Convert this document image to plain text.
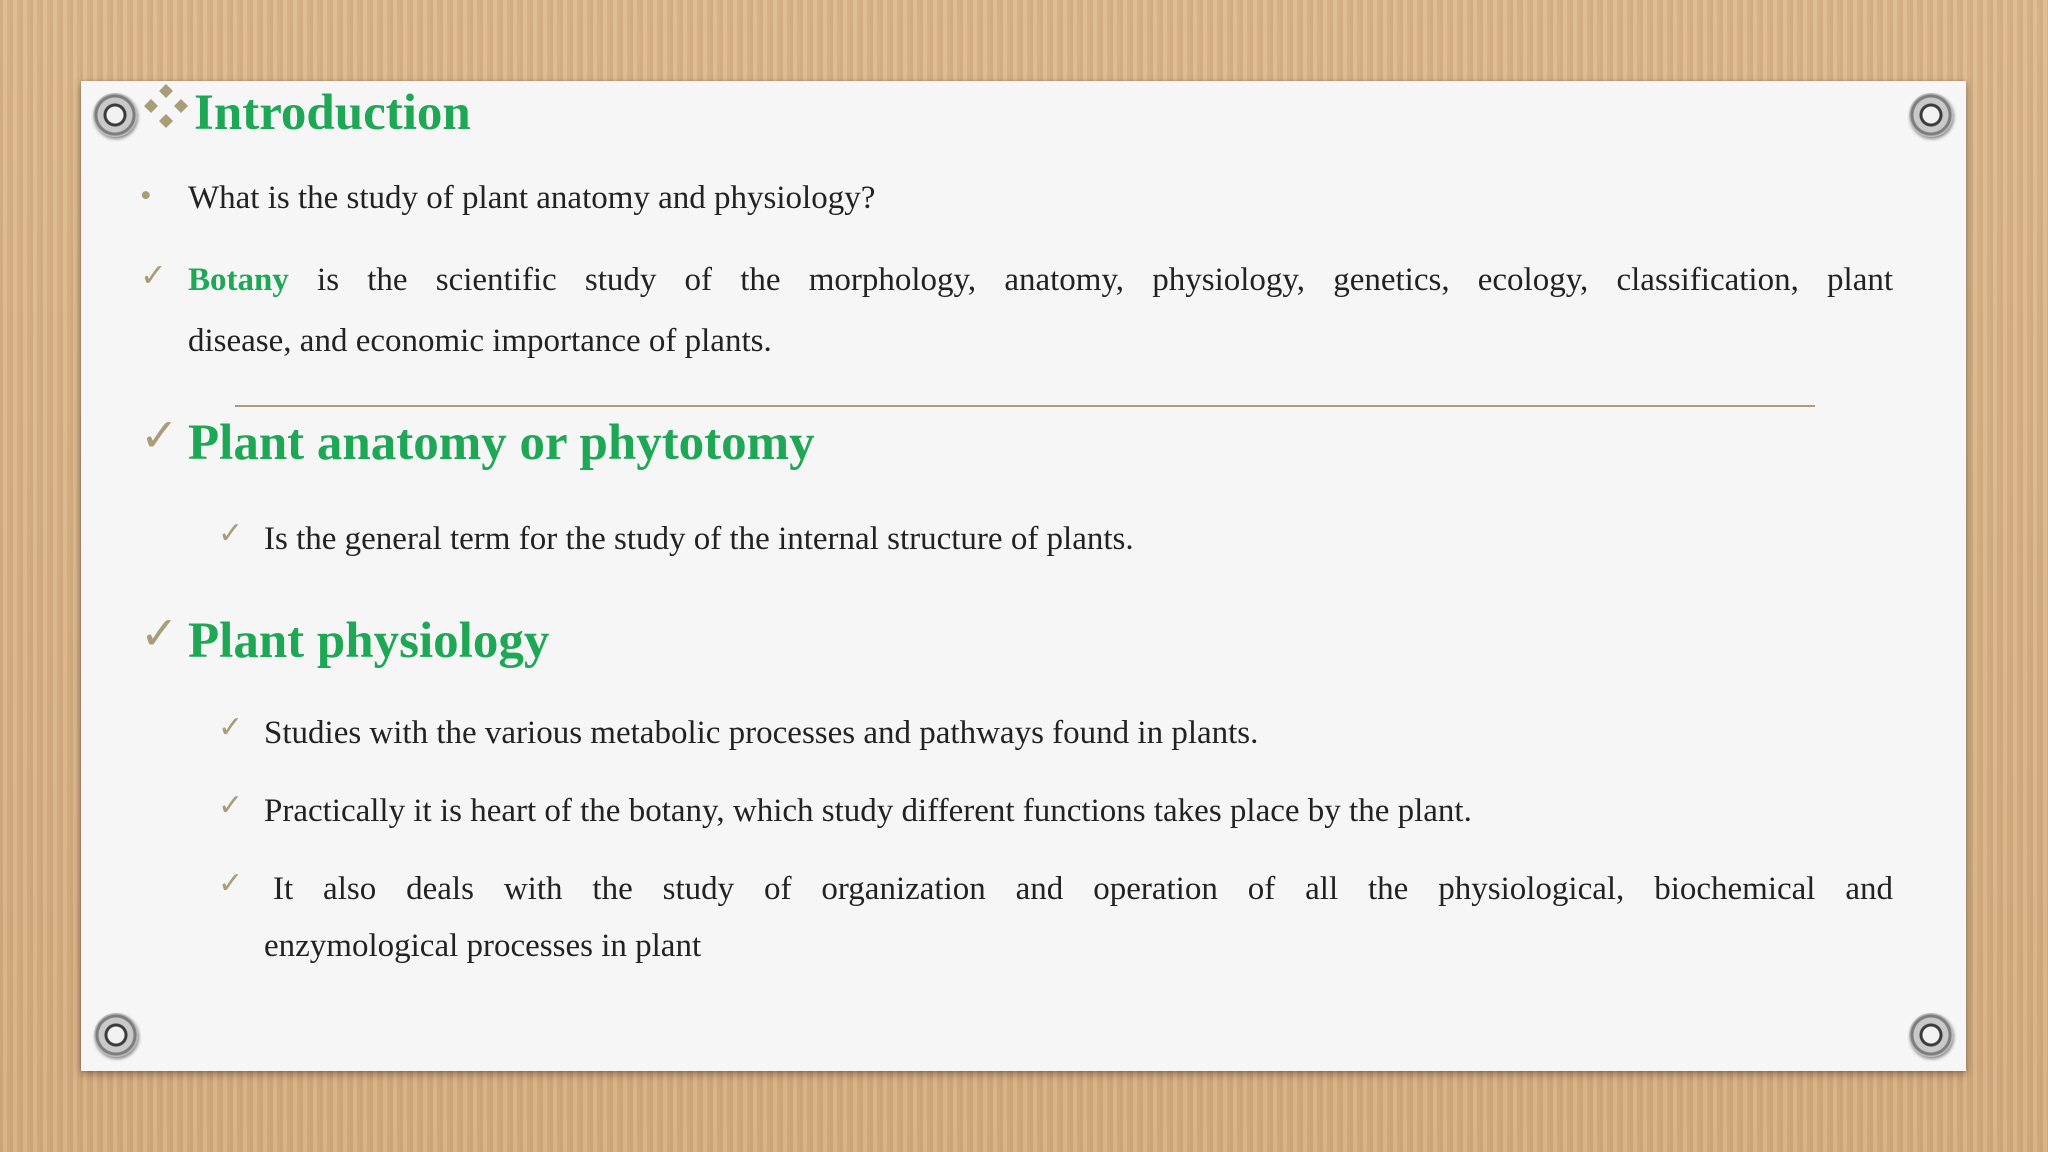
Introduction
• What is the study of plant anatomy and physiology?
✓ Botany is the scientific study of the morphology, anatomy, physiology, genetics, ecology, classification, plant
disease, and economic importance of plants.
✓ Plant anatomy or phytotomy
✓ Is the general term for the study of the internal structure of plants.
✓ Plant physiology
✓ Studies with the various metabolic processes and pathways found in plants.
✓ Practically it is heart of the botany, which study different functions takes place by the plant.
✓ It also deals with the study of organization and operation of all the physiological, biochemical and
enzymological processes in plant
